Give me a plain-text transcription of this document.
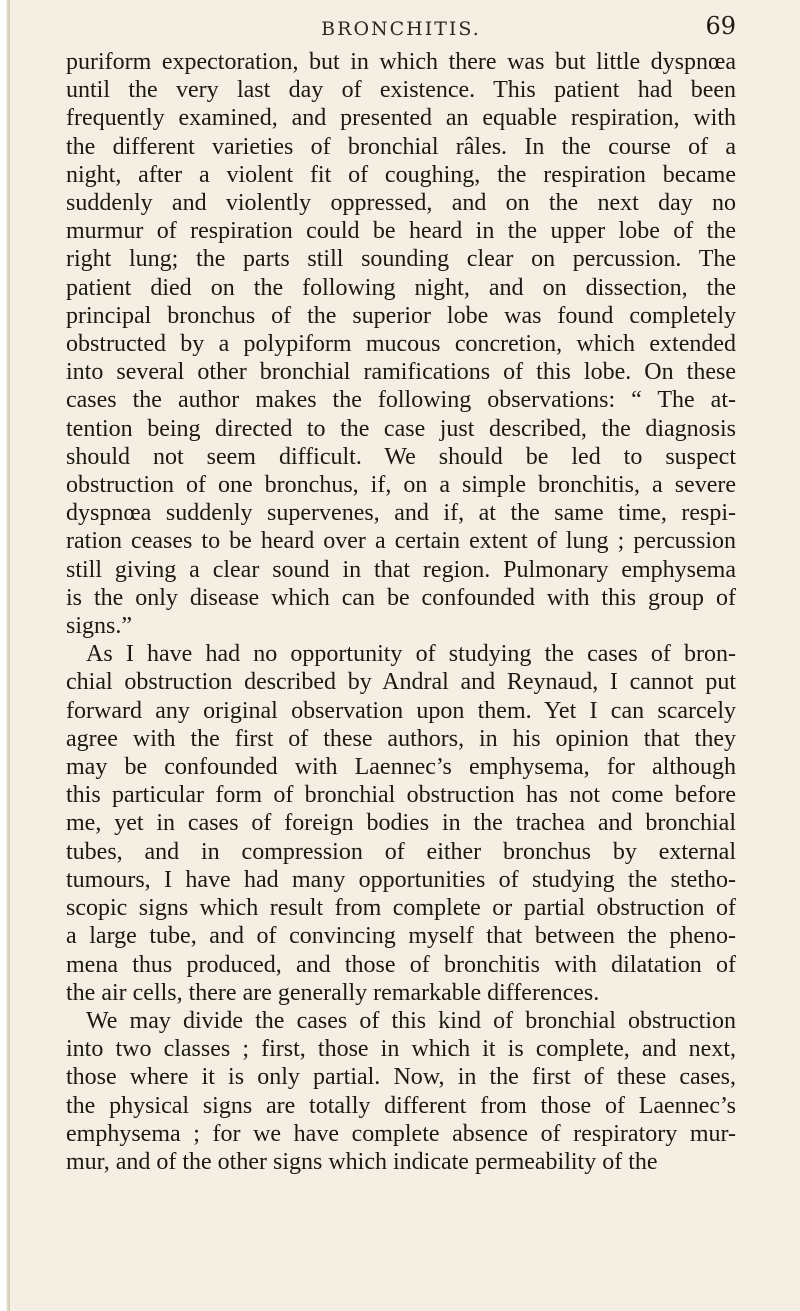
BRONCHITIS.	69
puriform expectoration, but in which there was but little dyspnœa
until the very last day of existence. This patient had been
frequently examined, and presented an equable respiration, with
the different varieties of bronchial râles. In the course of a
night, after a violent fit of coughing, the respiration became
suddenly and violently oppressed, and on the next day no
murmur of respiration could be heard in the upper lobe of the
right lung; the parts still sounding clear on percussion. The
patient died on the following night, and on dissection, the
principal bronchus of the superior lobe was found completely
obstructed by a polypiform mucous concretion, which extended
into several other bronchial ramifications of this lobe. On these
cases the author makes the following observations: “ The at-
tention being directed to the case just described, the diagnosis
should not seem difficult. We should be led to suspect
obstruction of one bronchus, if, on a simple bronchitis, a severe
dyspnœa suddenly supervenes, and if, at the same time, respi-
ration ceases to be heard over a certain extent of lung ; percussion
still giving a clear sound in that region. Pulmonary emphysema
is the only disease which can be confounded with this group of
signs.”
As I have had no opportunity of studying the cases of bron-
chial obstruction described by Andral and Reynaud, I cannot put
forward any original observation upon them. Yet I can scarcely
agree with the first of these authors, in his opinion that they
may be confounded with Laennec’s emphysema, for although
this particular form of bronchial obstruction has not come before
me, yet in cases of foreign bodies in the trachea and bronchial
tubes, and in compression of either bronchus by external
tumours, I have had many opportunities of studying the stetho-
scopic signs which result from complete or partial obstruction of
a large tube, and of convincing myself that between the pheno-
mena thus produced, and those of bronchitis with dilatation of
the air cells, there are generally remarkable differences.
We may divide the cases of this kind of bronchial obstruction
into two classes ; first, those in which it is complete, and next,
those where it is only partial. Now, in the first of these cases,
the physical signs are totally different from those of Laennec’s
emphysema ; for we have complete absence of respiratory mur-
mur, and of the other signs which indicate permeability of the
